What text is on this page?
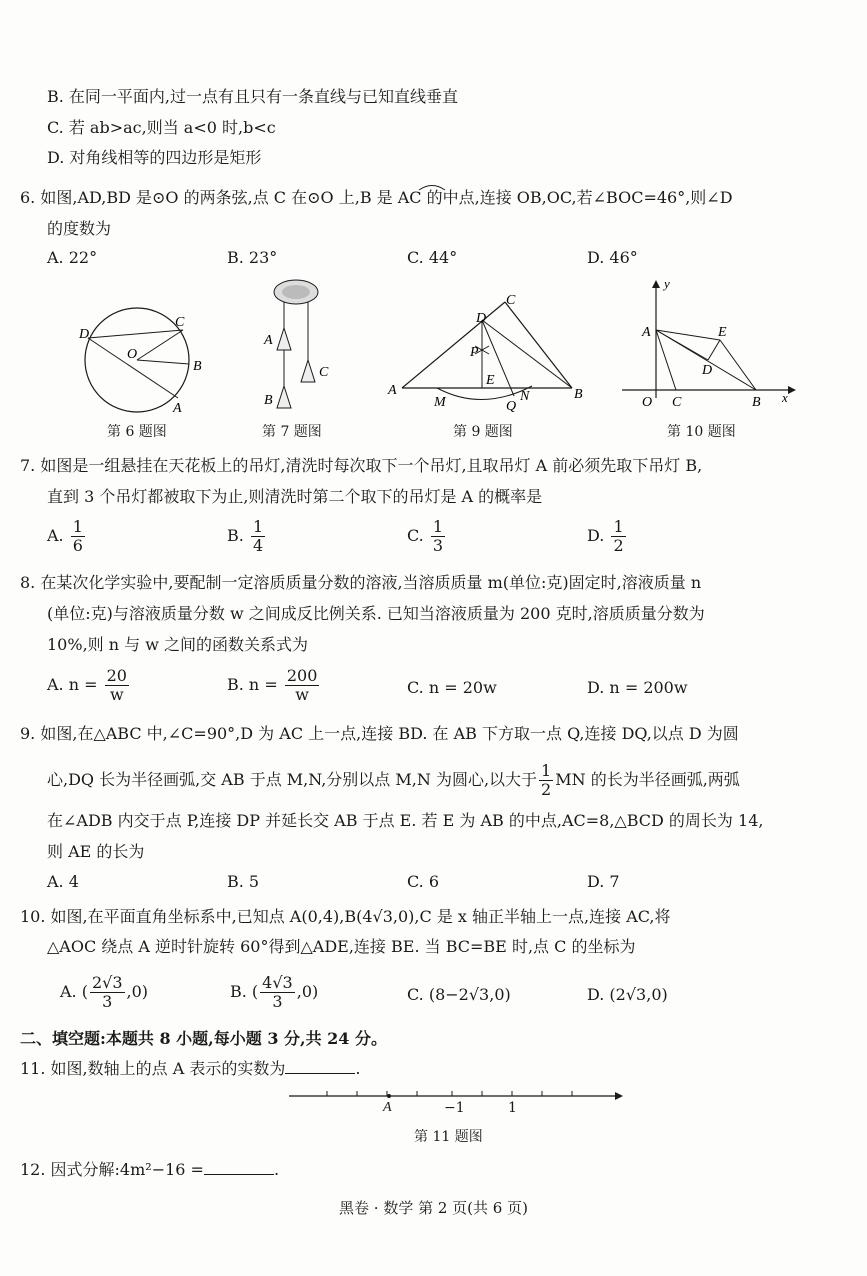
B. 在同一平面内,过一点有且只有一条直线与已知直线垂直
C. 若 ab>ac,则当 a<0 时,b<c
D. 对角线相等的四边形是矩形
6. 如图,AD,BD 是⊙O 的两条弦,点 C 在⊙O 上,B 是 AC 的中点,连接 OB,OC,若∠BOC=46°,则∠D
的度数为
A. 22°	B. 23°	C. 44°	D. 46°
D
C
B
A
O
第 6 题图
A
B
C
第 7 题图
D
C
P
E
A	B
M	Q
N
第 9 题图
y
A	E
D
O C	B x
第 10 题图
7. 如图是一组悬挂在天花板上的吊灯,清洗时每次取下一个吊灯,且取吊灯 A 前必须先取下吊灯 B,
直到 3 个吊灯都被取下为止,则清洗时第二个取下的吊灯是 A 的概率是
A. $\frac{1}{6}$	B. $\frac{1}{4}$	C. $\frac{1}{3}$	D. $\frac{1}{2}$
8. 在某次化学实验中,要配制一定溶质质量分数的溶液,当溶质质量 m(单位:克)固定时,溶液质量 n
(单位:克)与溶液质量分数 w 之间成反比例关系. 已知当溶液质量为 200 克时,溶质质量分数为
10%,则 n 与 w 之间的函数关系式为
A. $n = \frac{20}{w}$	B. $n = \frac{200}{w}$	C. n = 20w	D. n = 200w
9. 如图,在△ABC 中,∠C=90°,D 为 AC 上一点,连接 BD. 在 AB 下方取一点 Q,连接 DQ,以点 D 为圆
心,DQ 长为半径画弧,交 AB 于点 M,N,分别以点 M,N 为圆心,以大于 $\frac{1}{2}$ MN 的长为半径画弧,两弧
在∠ADB 内交于点 P,连接 DP 并延长交 AB 于点 E. 若 E 为 AB 的中点,AC=8,△BCD 的周长为 14,
则 AE 的长为
A. 4	B. 5	C. 6	D. 7
10. 如图,在平面直角坐标系中,已知点 A(0,4),B(4√3,0),C 是 x 轴正半轴上一点,连接 AC,将
△AOC 绕点 A 逆时针旋转 60°得到△ADE,连接 BE. 当 BC=BE 时,点 C 的坐标为
A. ( $\frac{2√3}{3} ,0$)	B. ( $\frac{4√3}{3} ,0$)	C. (8−2√3,0)	D. (2√3,0)
二、填空题:本题共 8 小题,每小题 3 分,共 24 分。
11. 如图,数轴上的点 A 表示的实数为	.
A	−1	1
第 11 题图
12. 因式分解:4m²−16 =	.
黑卷 · 数学 第 2 页(共 6 页)
